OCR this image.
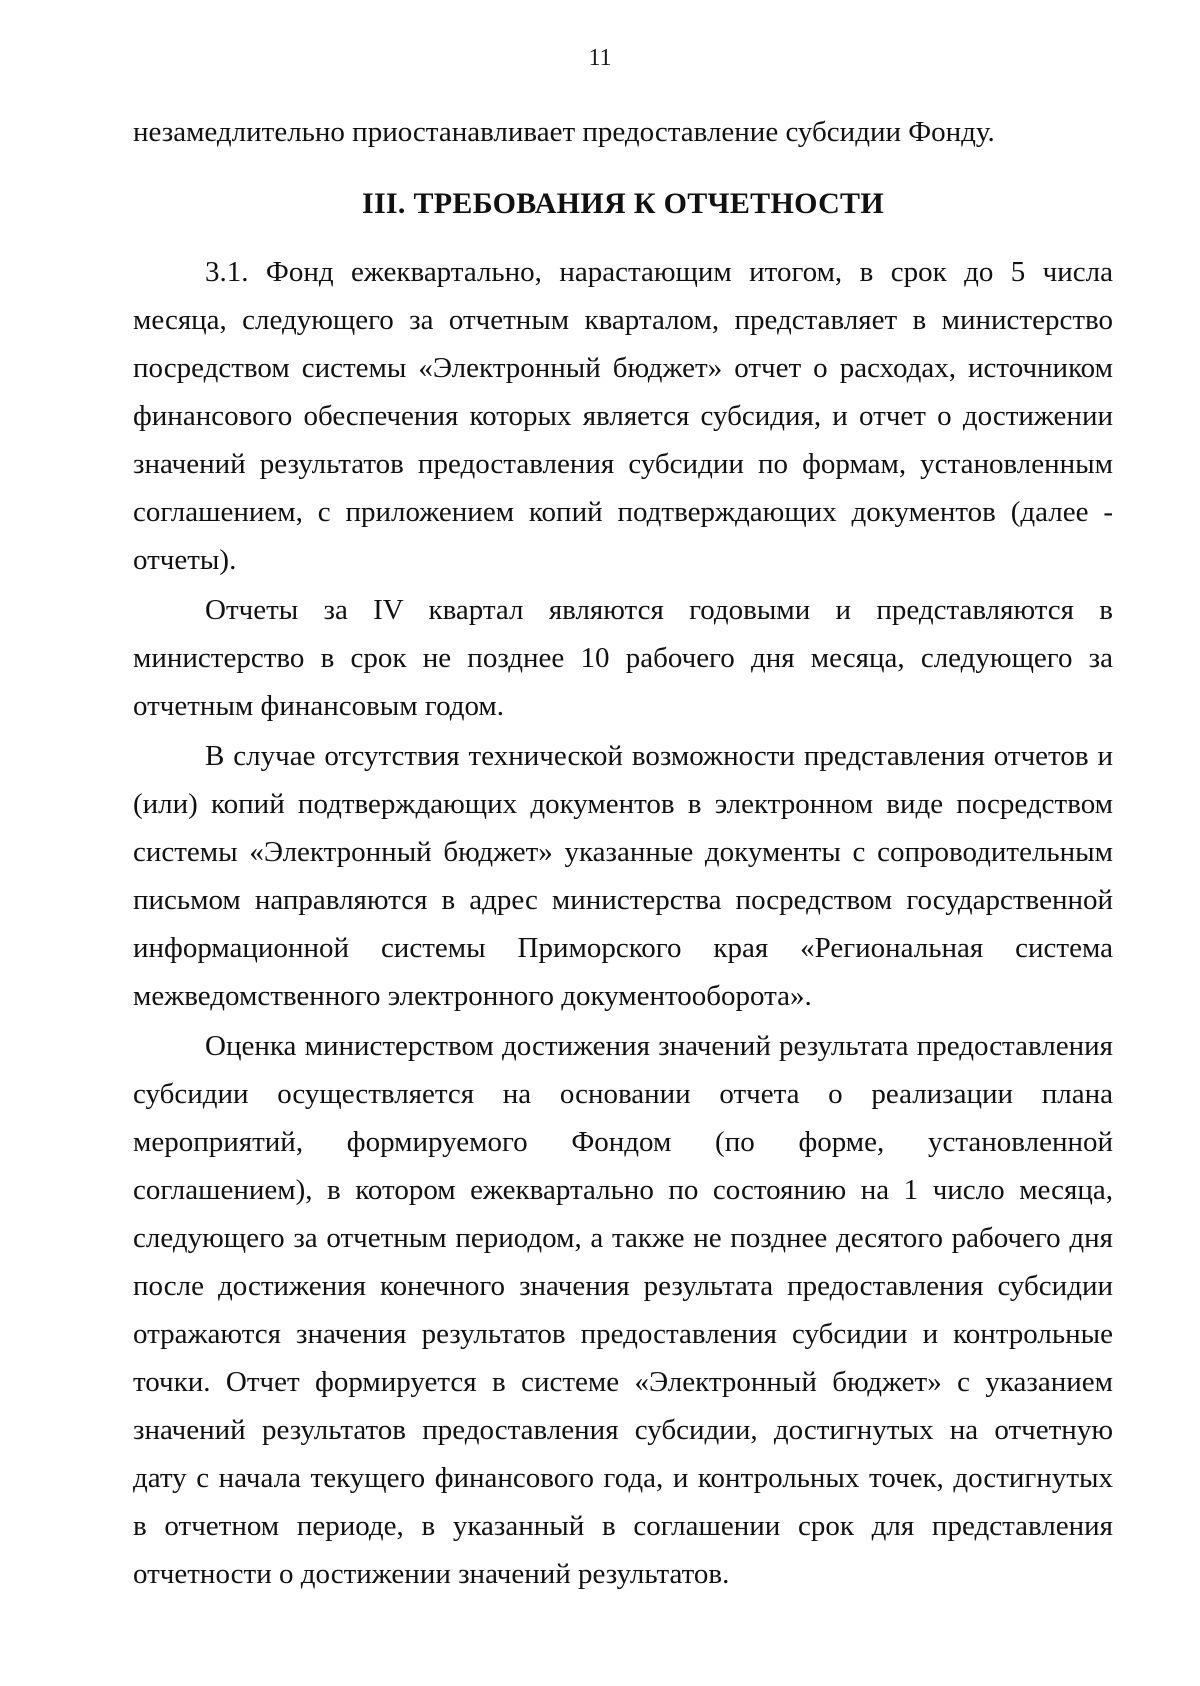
11

незамедлительно приостанавливает предоставление субсидии Фонду.

III. ТРЕБОВАНИЯ К ОТЧЕТНОСТИ

3.1. Фонд ежеквартально, нарастающим итогом, в срок до 5 числа месяца, следующего за отчетным кварталом, представляет в министерство посредством системы «Электронный бюджет» отчет о расходах, источником финансового обеспечения которых является субсидия, и отчет о достижении значений результатов предоставления субсидии по формам, установленным соглашением, с приложением копий подтверждающих документов (далее - отчеты).

Отчеты за IV квартал являются годовыми и представляются в министерство в срок не позднее 10 рабочего дня месяца, следующего за отчетным финансовым годом.

В случае отсутствия технической возможности представления отчетов и (или) копий подтверждающих документов в электронном виде посредством системы «Электронный бюджет» указанные документы с сопроводительным письмом направляются в адрес министерства посредством государственной информационной системы Приморского края «Региональная система межведомственного электронного документооборота».

Оценка министерством достижения значений результата предоставления субсидии осуществляется на основании отчета о реализации плана мероприятий, формируемого Фондом (по форме, установленной соглашением), в котором ежеквартально по состоянию на 1 число месяца, следующего за отчетным периодом, а также не позднее десятого рабочего дня после достижения конечного значения результата предоставления субсидии отражаются значения результатов предоставления субсидии и контрольные точки. Отчет формируется в системе «Электронный бюджет» с указанием значений результатов предоставления субсидии, достигнутых на отчетную дату с начала текущего финансового года, и контрольных точек, достигнутых в отчетном периоде, в указанный в соглашении срок для представления отчетности о достижении значений результатов.
